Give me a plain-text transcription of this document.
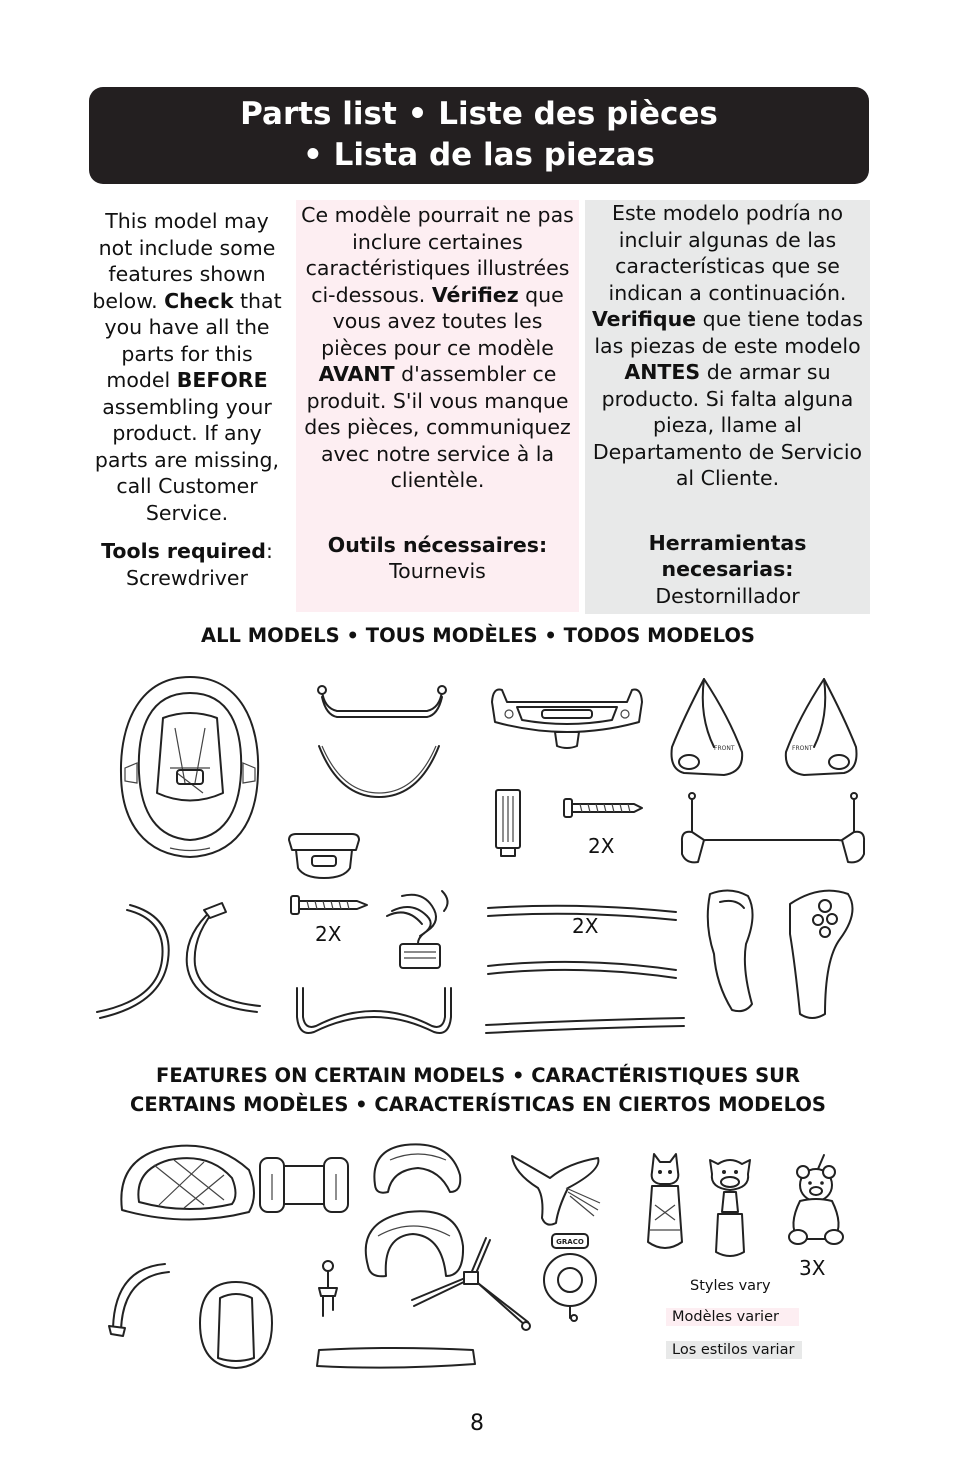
Parts list • Liste des pièces
• Lista de las piezas
This model may not include some features shown below. Check that you have all the parts for this model BEFORE assembling your product. If any parts are missing, call Customer Service.
Tools required:
Screwdriver
Ce modèle pourrait ne pas inclure certaines caractéristiques illustrées ci-dessous. Vérifiez que vous avez toutes les pièces pour ce modèle AVANT d'assembler ce produit. S'il vous manque des pièces, communiquez avec notre service à la clientèle.
Outils nécessaires:
Tournevis
Este modelo podría no incluir algunas de las características que se indican a continuación. Verifique que tiene todas las piezas de este modelo ANTES de armar su producto. Si falta alguna pieza, llame al Departamento de Servicio al Cliente.
Herramientas necesarias:
Destornillador
ALL MODELS • TOUS MODÈLES • TODOS MODELOS
FRONT	FRONT
2X
2X	2X
FEATURES ON CERTAIN MODELS • CARACTÉRISTIQUES SUR
CERTAINS MODÈLES • CARACTERÍSTICAS EN CIERTOS MODELOS
GRACO
3X
Styles vary
Modèles varier
Los estilos variar
8
